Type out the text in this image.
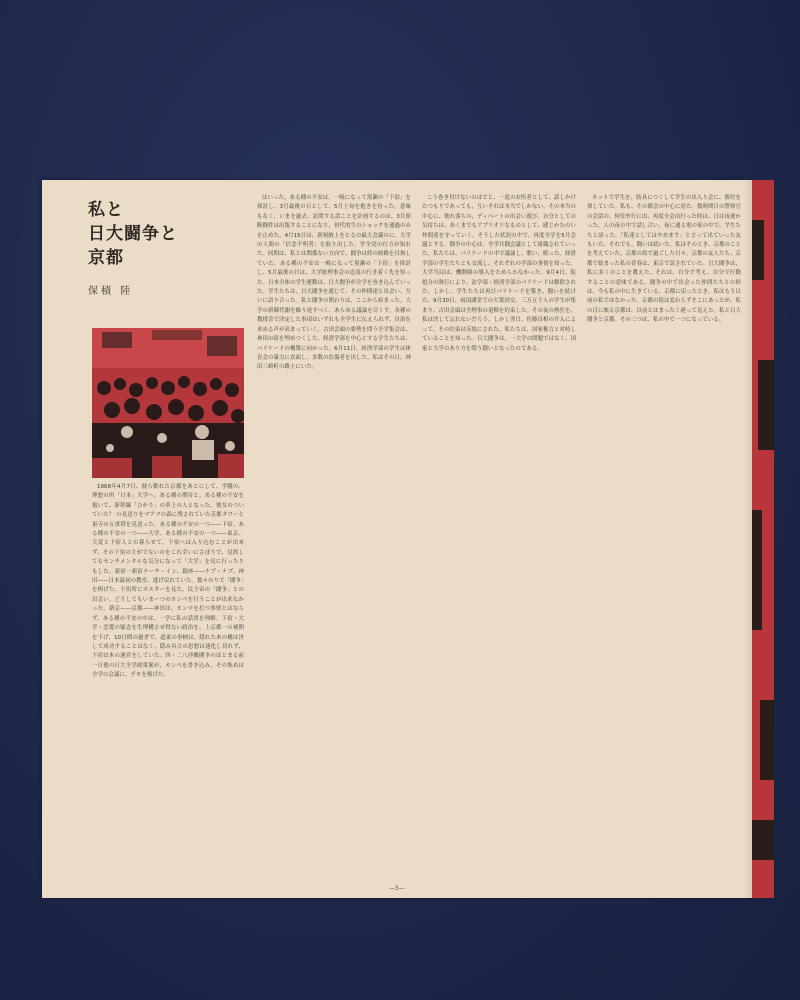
私と
日大闘争と
京都
保積 陸

1968年4月7日、彼ら動れた京都をあとにして、学闘の、理想の所「日本」大学へ。ある種の期待と、ある種の不安を抱いて、新幹線「ひかり」の車上の人となった。彼女のついていた？ の見送りをマアマの森に残されていた京都タワーと東寺の五重塔を見送った。ある種の不安の一つ——下宿。ある種の不安の一つ——大学。ある種の不安の一つ——東京。大変と下宿人との暮らせて、下宿へは入り込むことが出来ず、その下宿の主がでないのをこれ幸いにさぼりで、見渡してもセンチメンタルな気分になって「大学」を見に行ったりもした。新宿一新宿テーチ・イン、銀座——ナプ・ナプ、神田——日本最初の教室、逃げ戻れていた。数々のりで「闘争」を掲げた、下宿所にポスターを見た。民主帝の「闘争」との出会い。どうしてもいまーつのカンペを行うことが出来なかった。新京——京都——神田は、カンマを打つ事情とはならず、ある種の不安の中は、一学に私の話書を理解、下宿・大学・恋愛の疑念を生理構させ得ない政治を、上京都一の補開を下げ、10日間の過ぎで、道東の事柄は、隠れた木の構は決して成功することはなく、隠み具合の思想は迷化し切れず、下宿は木の運営をしていた。四・二八沖縄闘争のほとまる前一日後の日大全学政策案が、カンペを書き込み、その集めは全学の会議に、デモを掲げた。

はいった。ある種の不安は、一晩になって黒瀬の「下宿」を探討し、3月最後の日として、5月上旬を抱きを持った。意味もなく、いまを過去、訪問する話ことを計画するのは、3月即断闘件は出版することになり、初代的生のショックを通過のみを止めた。4月15日は、新規統上をとるの最大会議のに、大学の人間の「信念不明者」を取り出した。学全党の行方が知れた。同期は、私とは関係ない方向で、闘争は終の経路を目指していた。ある種の不安は一晩になって黒瀬の「下宿」を探討し、5月最後の日は、大学総理事会の追及の行き着く先を知った。日本全体の学生運動は、日大闘争が全学を巻き込んでいった。学生たちは、日大闘争を通じて、その仲間達と出会い、互いに語り合った。私と闘争の関わりは、ここから始まった。大学の新陳代謝を繰り返すべく、あらゆる議論を尽くす。各種の教授会で決定した事項はいずれも全学生に伝えられず、自治を求める声が高まっていく。古田会頭の姿勢を問う全学集会は、神田の街を埋めつくした。経済学部を中心とする学生たちは、バリケードの構築に向かった。6月11日、経済学部の学生は体育会の暴力に直面し、多数の負傷者を出した。私はその日、神田三崎町の路上にいた。

こう巻き付けないのはでと、一度のお医者として、話しかけたつもりであっても、互いそれは本当でしかない。その本当の中心に、彼れ落ちの、ディベートの出会い遊び、自分としての気持ちは、あくまでもアプリオリなものとして、感じかたのい仲間達を守っていく。そうした状況の中で、再度全学を5月会議とする。闘争の中心は、全学共闘会議として組織されていった。私たちは、バリケードの中で議論し、歌い、眠った。経済学部の学生たちとも交流し、それぞれの学部の事情を知った。大学当局は、機動隊の導入をためらわなかった。9月4日、仮処分の執行により、法学部・経済学部のバリケードは解除された。しかし、学生たちは再びバリケードを築き、闘いを続けた。9月30日、両国講堂での大衆団交。三万五千人の学生が集まり、古田会頭は全理事の退陣を約束した。その夜の熱狂を、私は決して忘れないだろう。しかし翌日、佐藤首相の介入によって、その約束は反故にされた。私たちは、国家権力と対峙していることを知った。日大闘争は、一大学の問題ではなく、国家と大学のあり方を問う闘いとなったのである。

ネットで学生を、防具につくして学生の出入り会に、都付を探していた。私も、その都会の中心に居た。数時間日の警察官の会話の、何付外行に出、再度全会出行った時は、日は夜遅かった。人の夜の中で話し合い、夜に通る電の家の中で、学生たちと語った。「私達としてはやめます」と言って出ていった友もいた。それでも、闘いは続いた。私はそのとき、京都のことを考えていた。京都の街で過ごした日々、京都の友人たち。京都で始まった私の青春は、東京で試されていた。日大闘争は、私に多くのことを教えた。それは、自分で考え、自分で行動することの意味である。闘争の中で出会った仲間たちとの絆は、今も私の中に生きている。京都に戻ったとき、私はもう以前の私ではなかった。京都の街は変わらずそこにあったが、私の目に映る京都は、以前とはまったく違って見えた。私と日大闘争と京都。その三つは、私の中で一つになっている。

—5—
